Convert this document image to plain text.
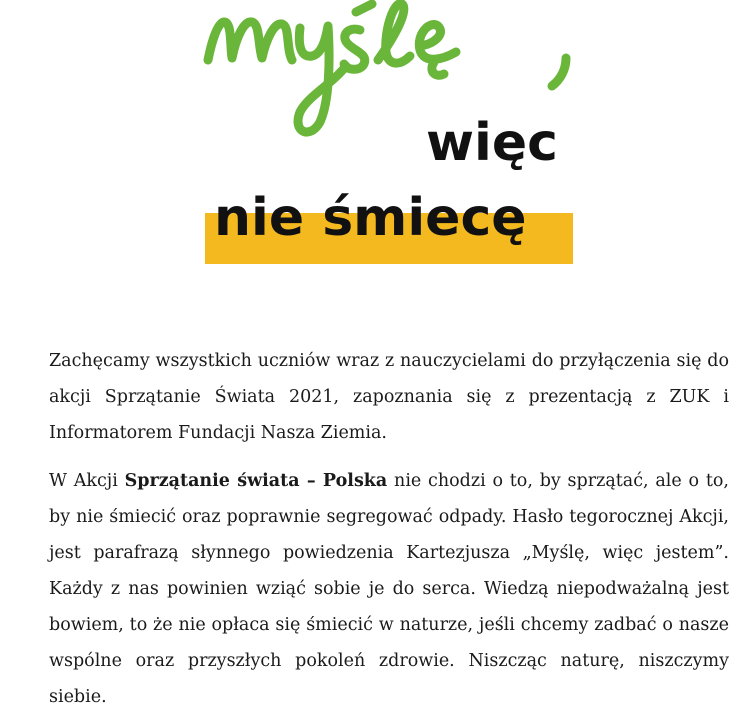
więc
nie śmiecę

Zachęcamy wszystkich uczniów wraz z nauczycielami do przyłączenia się do akcji Sprzątanie Świata 2021, zapoznania się z prezentacją z ZUK i Informatorem Fundacji Nasza Ziemia.

W Akcji Sprzątanie świata – Polska nie chodzi o to, by sprzątać, ale o to, by nie śmiecić oraz poprawnie segregować odpady. Hasło tegorocznej Akcji, jest parafrazą słynnego powiedzenia Kartezjusza „Myślę, więc jestem”. Każdy z nas powinien wziąć sobie je do serca. Wiedzą niepodważalną jest bowiem, to że nie opłaca się śmiecić w naturze, jeśli chcemy zadbać o nasze wspólne oraz przyszłych pokoleń zdrowie. Niszcząc naturę, niszczymy siebie.
